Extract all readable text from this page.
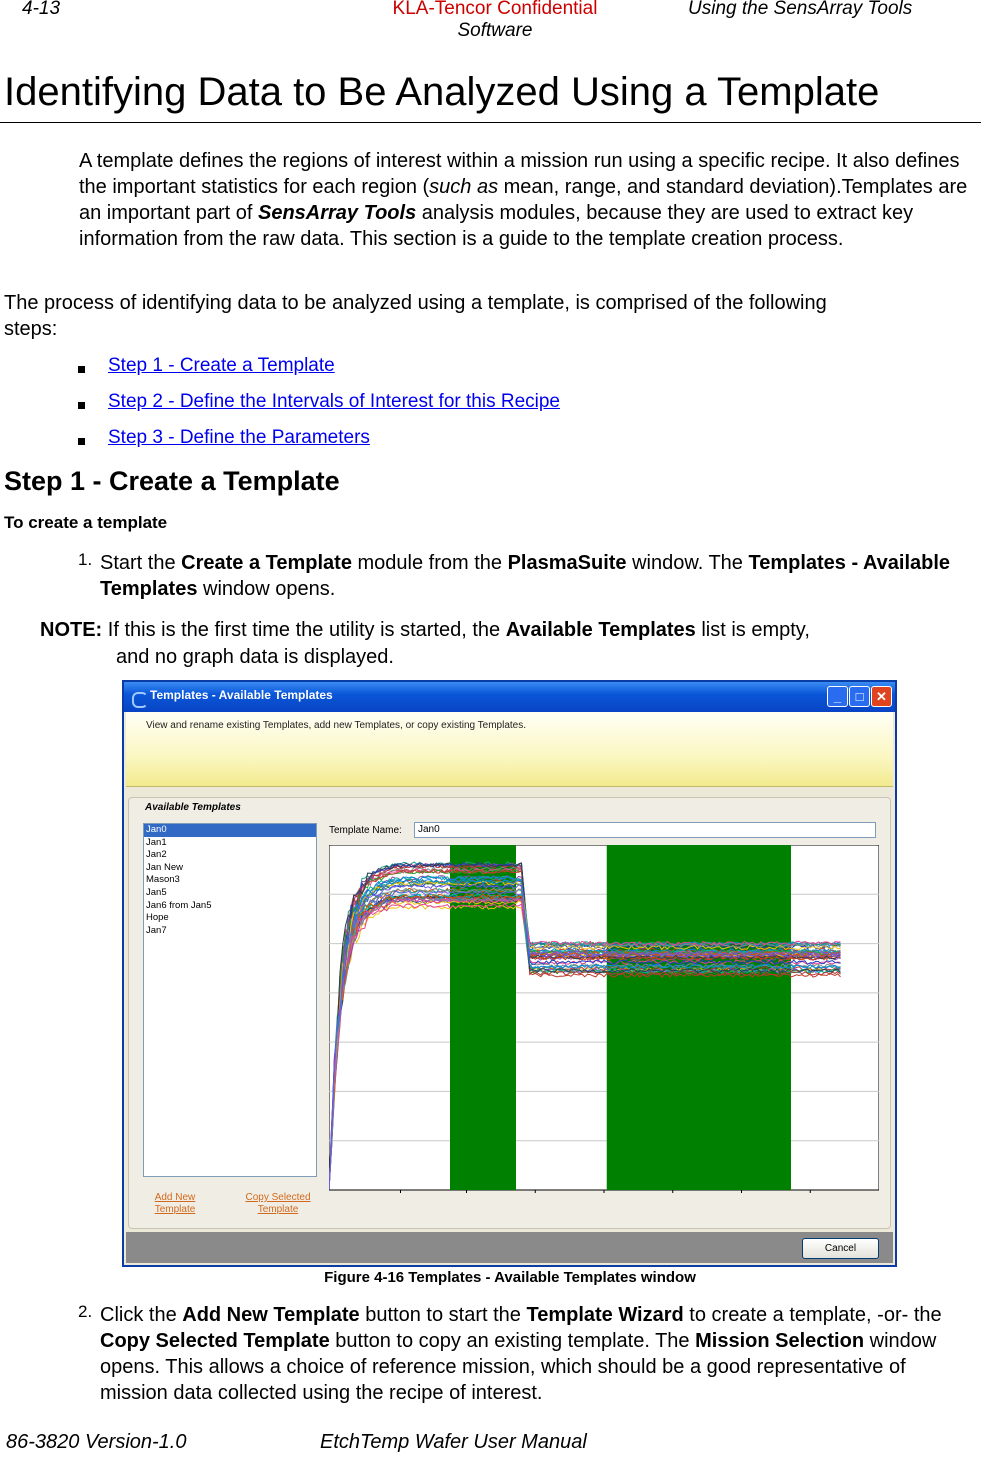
4-13	KLA-Tencor Confidential
Software
Using the SensArray Tools
Identifying Data to Be Analyzed Using a Template
A template defines the regions of interest within a mission run using a specific recipe. It also defines the important statistics for each region (such as mean, range, and standard deviation).Templates are an important part of SensArray Tools analysis modules, because they are used to extract key information from the raw data. This section is a guide to the template creation process.
The process of identifying data to be analyzed using a template, is comprised of the following steps:
Step 1 - Create a Template
Step 2 - Define the Intervals of Interest for this Recipe
Step 3 - Define the Parameters
Step 1 - Create a Template
To create a template
1. Start the Create a Template module from the PlasmaSuite window. The Templates - Available Templates window opens.
NOTE: If this is the first time the utility is started, the Available Templates list is empty,
and no graph data is displayed.
Templates - Available Templates	_	□ ✕
View and rename existing Templates, add new Templates, or copy existing Templates.
Available Templates
Jan0
Jan1
Jan2
Jan New
Mason3
Jan5
Jan6 from Jan5
Hope
Jan7
Template Name:	Jan0
Add New Template
Copy Selected Template
Cancel
Figure 4-16 Templates - Available Templates window
2. Click the Add New Template button to start the Template Wizard to create a template, -or- the Copy Selected Template button to copy an existing template. The Mission Selection window opens. This allows a choice of reference mission, which should be a good representative of mission data collected using the recipe of interest.
86-3820 Version-1.0	EtchTemp Wafer User Manual
